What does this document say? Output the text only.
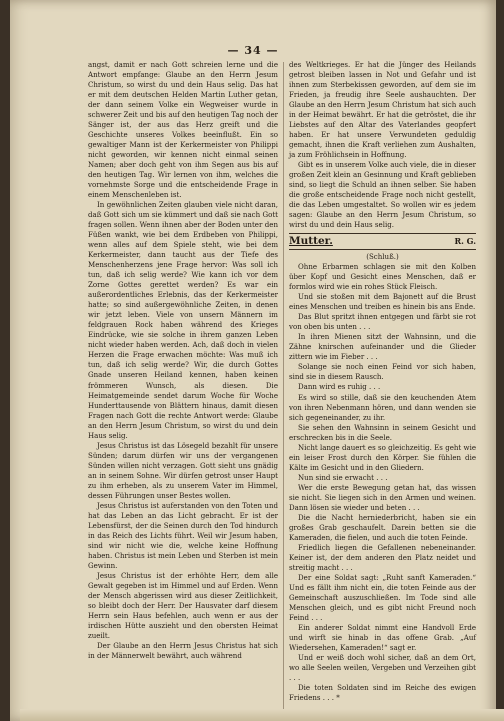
— 34 —

angst, damit er nach Gott schreien lerne und die Antwort empfange: Glaube an den Herrn Jesum Christum, so wirst du und dein Haus selig. Das hat er mit dem deutschen Helden Martin Luther getan, der dann seinem Volke ein Wegweiser wurde in schwerer Zeit und bis auf den heutigen Tag noch der Sänger ist, der aus das Herz greift und die Geschichte unseres Volkes beeinflußt. Ein so gewaltiger Mann ist der Kerkermeister von Philippi nicht geworden, wir kennen nicht einmal seinen Namen; aber doch geht von ihm Segen aus bis auf den heutigen Tag. Wir lernen von ihm, welches die vornehmste Sorge und die entscheidende Frage in einem Menschenleben ist.

In gewöhnlichen Zeiten glauben viele nicht daran, daß Gott sich um sie kümmert und daß sie nach Gott fragen sollen. Wenn ihnen aber der Boden unter den Füßen wankt, wie bei dem Erdbeben von Philippi, wenn alles auf dem Spiele steht, wie bei dem Kerkermeister, dann taucht aus der Tiefe des Menschenherzens jene Frage hervor: Was soll ich tun, daß ich selig werde? Wie kann ich vor dem Zorne Gottes gerettet werden? Es war ein außerordentliches Erlebnis, das der Kerkermeister hatte; so sind außergewöhnliche Zeiten, in denen wir jetzt leben. Viele von unsern Männern im feldgrauen Rock haben während des Krieges Eindrücke, wie sie solche in ihrem ganzen Leben nicht wieder haben werden. Ach, daß doch in vielen Herzen die Frage erwachen möchte: Was muß ich tun, daß ich selig werde? Wir, die durch Gottes Gnade unseren Heiland kennen, haben keinen frömmeren Wunsch, als diesen. Die Heimatgemeinde sendet darum Woche für Woche Hunderttausende von Blättern hinaus, damit diesen Fragen nach Gott die rechte Antwort werde: Glaube an den Herrn Jesum Christum, so wirst du und dein Haus selig.

Jesus Christus ist das Lösegeld bezahlt für unsere Sünden; darum dürfen wir uns der vergangenen Sünden willen nicht verzagen. Gott sieht uns gnädig an in seinem Sohne. Wir dürfen getrost unser Haupt zu ihm erheben, als zu unserem Vater im Himmel, dessen Führungen unser Bestes wollen.

Jesus Christus ist auferstanden von den Toten und hat das Leben an das Licht gebracht. Er ist der Lebensfürst, der die Seinen durch den Tod hindurch in das Reich des Lichts führt. Weil wir Jesum haben, sind wir nicht wie die, welche keine Hoffnung haben. Christus ist mein Leben und Sterben ist mein Gewinn.

Jesus Christus ist der erhöhte Herr, dem alle Gewalt gegeben ist im Himmel und auf Erden. Wenn der Mensch abgerissen wird aus dieser Zeitlichkeit, so bleibt doch der Herr. Der Hausvater darf diesem Herrn sein Haus befehlen, auch wenn er aus der irdischen Hütte auszieht und den obersten Heimat zueilt.

Der Glaube an den Herrn Jesus Christus hat sich in der Männerwelt bewährt, auch während

des Weltkrieges. Er hat die Jünger des Heilands getrost bleiben lassen in Not und Gefahr und ist ihnen zum Sterbekissen geworden, auf dem sie im Frieden, ja freudig ihre Seele aushauchten. Der Glaube an den Herrn Jesum Christum hat sich auch in der Heimat bewährt. Er hat die getröstet, die ihr Liebstes auf den Altar des Vaterlandes geopfert haben. Er hat unsere Verwundeten geduldig gemacht, ihnen die Kraft verliehen zum Aushalten, ja zum Fröhlichsein in Hoffnung.

Gibt es in unserem Volke auch viele, die in dieser großen Zeit klein an Gesinnung und Kraft geblieben sind, so liegt die Schuld an ihnen selber. Sie haben die große entscheidende Frage noch nicht gestellt, die das Leben umgestaltet. So wollen wir es jedem sagen: Glaube an den Herrn Jesum Christum, so wirst du und dein Haus selig.

Mutter.	R. G.

(Schluß.)

Ohne Erbarmen schlagen sie mit den Kolben über Kopf und Gesicht eines Menschen, daß er formlos wird wie ein rohes Stück Fleisch.

Und sie stoßen mit dem Bajonett auf die Brust eines Menschen und treiben es hinein bis ans Ende.

Das Blut spritzt ihnen entgegen und färbt sie rot von oben bis unten . . .

In ihren Mienen sitzt der Wahnsinn, und die Zähne knirschen aufeinander und die Glieder zittern wie im Fieber . . .

Solange sie noch einen Feind vor sich haben, sind sie in diesem Rausch.

Dann wird es ruhig . . .

Es wird so stille, daß sie den keuchenden Atem von ihren Nebenmann hören, und dann wenden sie sich gegeneinander, zu ihr.

Sie sehen den Wahnsinn in seinem Gesicht und erschrecken bis in die Seele.

Nicht lange dauert es so gleichzeitig. Es geht wie ein leiser Frost durch den Körper. Sie fühlen die Kälte im Gesicht und in den Gliedern.

Nun sind sie erwacht . . .

Wer die erste Bewegung getan hat, das wissen sie nicht. Sie liegen sich in den Armen und weinen. Dann lösen sie wieder und beten . . .

Die die Nacht herniederbricht, haben sie ein großes Grab geschaufelt. Darein betten sie die Kameraden, die fielen, und auch die toten Feinde.

Friedlich liegen die Gefallenen nebeneinander. Keiner ist, der dem anderen den Platz neidet und streitig macht . . .

Der eine Soldat sagt: „Ruht sanft Kameraden.“ Und es fällt ihm nicht ein, die toten Feinde aus der Gemeinschaft auszuschließen. Im Tode sind alle Menschen gleich, und es gibt nicht Freund noch Feind . . .

Ein anderer Soldat nimmt eine Handvoll Erde und wirft sie hinab in das offene Grab. „Auf Wiedersehen, Kameraden!“ sagt er.

Und er weiß doch wohl sicher, daß an dem Ort, wo alle Seelen weilen, Vergeben und Verzeihen gibt . . .

Die toten Soldaten sind im Reiche des ewigen Friedens . . . *
